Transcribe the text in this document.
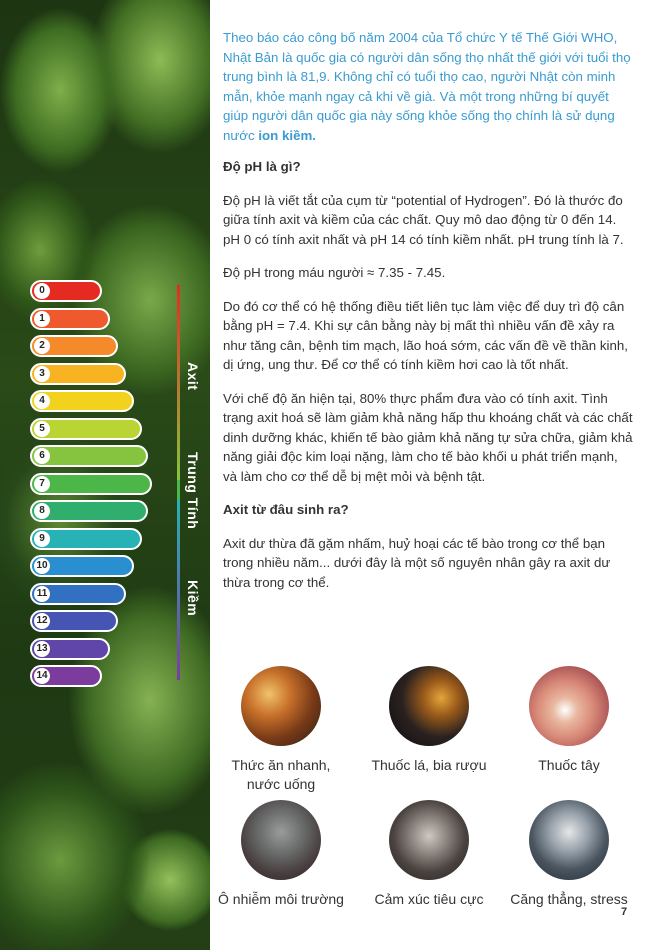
Axit
Trung Tính
Kiềm
0
1
2
3
4
5
6
7
8
9
10
11
12
13
14

Theo báo cáo công bố năm 2004 của Tổ chức Y tế Thế Giới WHO, Nhật Bản là quốc gia có người dân sống thọ nhất thế giới với tuổi thọ trung bình là 81,9. Không chỉ có tuổi thọ cao, người Nhật còn minh mẫn, khỏe mạnh ngay cả khi về già. Và một trong những bí quyết giúp người dân quốc gia này sống khỏe sống thọ chính là sử dụng nước ion kiềm.

Độ pH là gì?

Độ pH là viết tắt của cụm từ “potential of Hydrogen”. Đó là thước đo giữa tính axit và kiềm của các chất. Quy mô dao động từ 0 đến 14. pH 0 có tính axit nhất và pH 14 có tính kiềm nhất. pH trung tính là 7.

Độ pH trong máu người ≈ 7.35 - 7.45.

Do đó cơ thể có hệ thống điều tiết liên tục làm việc để duy trì độ cân bằng pH = 7.4. Khi sự cân bằng này bị mất thì nhiều vấn đề xảy ra như tăng cân, bệnh tim mạch, lão hoá sớm, các vấn đề về thần kinh, dị ứng, ung thư. Để cơ thể có tính kiềm hơi cao là tốt nhất.

Với chế độ ăn hiện tại, 80% thực phẩm đưa vào có tính axit. Tình trạng axit hoá sẽ làm giảm khả năng hấp thu khoáng chất và các chất dinh dưỡng khác, khiến tế bào giảm khả năng tự sửa chữa, giảm khả năng giải độc kim loại nặng, làm cho tế bào khối u phát triển mạnh, và làm cho cơ thể dễ bị mệt mỏi và bệnh tật.

Axit từ đâu sinh ra?

Axit dư thừa đã gặm nhấm, huỷ hoại các tế bào trong cơ thể bạn trong nhiều năm... dưới đây là một số nguyên nhân gây ra axit dư thừa trong cơ thể.

Thức ăn nhanh, nước uống
Thuốc lá, bia rượu	Thuốc tây
Ô nhiễm môi trường	Cảm xúc tiêu cực	Căng thẳng, stress
7
